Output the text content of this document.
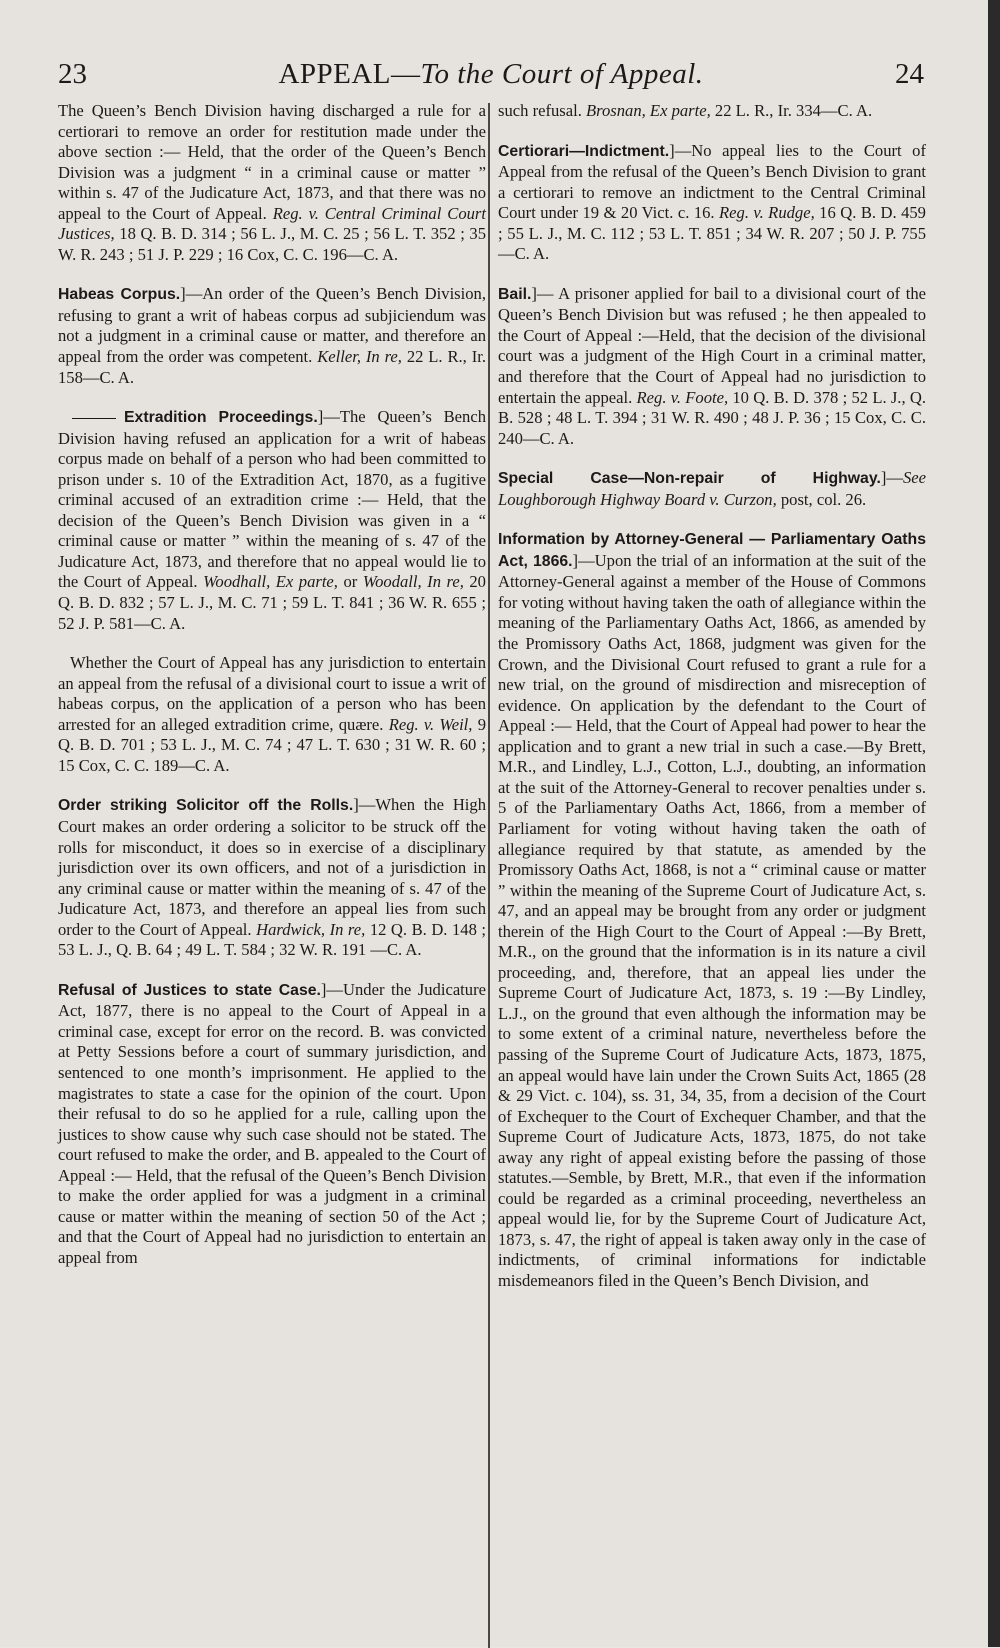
23	APPEAL—To the Court of Appeal.	24

The Queen’s Bench Division having discharged a rule for a certiorari to remove an order for restitution made under the above section :— Held, that the order of the Queen’s Bench Division was a judgment “ in a criminal cause or matter ” within s. 47 of the Judicature Act, 1873, and that there was no appeal to the Court of Appeal. Reg. v. Central Criminal Court Justices, 18 Q. B. D. 314 ; 56 L. J., M. C. 25 ; 56 L. T. 352 ; 35 W. R. 243 ; 51 J. P. 229 ; 16 Cox, C. C. 196—C. A.

Habeas Corpus.]—An order of the Queen’s Bench Division, refusing to grant a writ of habeas corpus ad subjiciendum was not a judgment in a criminal cause or matter, and therefore an appeal from the order was competent. Keller, In re, 22 L. R., Ir. 158—C. A.

Extradition Proceedings.]—The Queen’s Bench Division having refused an application for a writ of habeas corpus made on behalf of a person who had been committed to prison under s. 10 of the Extradition Act, 1870, as a fugitive criminal accused of an extradition crime :— Held, that the decision of the Queen’s Bench Division was given in a “ criminal cause or matter ” within the meaning of s. 47 of the Judicature Act, 1873, and therefore that no appeal would lie to the Court of Appeal. Woodhall, Ex parte, or Woodall, In re, 20 Q. B. D. 832 ; 57 L. J., M. C. 71 ; 59 L. T. 841 ; 36 W. R. 655 ; 52 J. P. 581—C. A.

Whether the Court of Appeal has any jurisdiction to entertain an appeal from the refusal of a divisional court to issue a writ of habeas corpus, on the application of a person who has been arrested for an alleged extradition crime, quære. Reg. v. Weil, 9 Q. B. D. 701 ; 53 L. J., M. C. 74 ; 47 L. T. 630 ; 31 W. R. 60 ; 15 Cox, C. C. 189—C. A.

Order striking Solicitor off the Rolls.]—When the High Court makes an order ordering a solicitor to be struck off the rolls for misconduct, it does so in exercise of a disciplinary jurisdiction over its own officers, and not of a jurisdiction in any criminal cause or matter within the meaning of s. 47 of the Judicature Act, 1873, and therefore an appeal lies from such order to the Court of Appeal. Hardwick, In re, 12 Q. B. D. 148 ; 53 L. J., Q. B. 64 ; 49 L. T. 584 ; 32 W. R. 191 —C. A.

Refusal of Justices to state Case.]—Under the Judicature Act, 1877, there is no appeal to the Court of Appeal in a criminal case, except for error on the record. B. was convicted at Petty Sessions before a court of summary jurisdiction, and sentenced to one month’s imprisonment. He applied to the magistrates to state a case for the opinion of the court. Upon their refusal to do so he applied for a rule, calling upon the justices to show cause why such case should not be stated. The court refused to make the order, and B. appealed to the Court of Appeal :— Held, that the refusal of the Queen’s Bench Division to make the order applied for was a judgment in a criminal cause or matter within the meaning of section 50 of the Act ; and that the Court of Appeal had no jurisdiction to entertain an appeal from

such refusal. Brosnan, Ex parte, 22 L. R., Ir. 334—C. A.

Certiorari—Indictment.]—No appeal lies to the Court of Appeal from the refusal of the Queen’s Bench Division to grant a certiorari to remove an indictment to the Central Criminal Court under 19 & 20 Vict. c. 16. Reg. v. Rudge, 16 Q. B. D. 459 ; 55 L. J., M. C. 112 ; 53 L. T. 851 ; 34 W. R. 207 ; 50 J. P. 755 —C. A.

Bail.]— A prisoner applied for bail to a divisional court of the Queen’s Bench Division but was refused ; he then appealed to the Court of Appeal :—Held, that the decision of the divisional court was a judgment of the High Court in a criminal matter, and therefore that the Court of Appeal had no jurisdiction to entertain the appeal. Reg. v. Foote, 10 Q. B. D. 378 ; 52 L. J., Q. B. 528 ; 48 L. T. 394 ; 31 W. R. 490 ; 48 J. P. 36 ; 15 Cox, C. C. 240—C. A.

Special Case—Non-repair of Highway.]—See Loughborough Highway Board v. Curzon, post, col. 26.

Information by Attorney-General — Parliamentary Oaths Act, 1866.]—Upon the trial of an information at the suit of the Attorney-General against a member of the House of Commons for voting without having taken the oath of allegiance within the meaning of the Parliamentary Oaths Act, 1866, as amended by the Promissory Oaths Act, 1868, judgment was given for the Crown, and the Divisional Court refused to grant a rule for a new trial, on the ground of misdirection and misreception of evidence. On application by the defendant to the Court of Appeal :— Held, that the Court of Appeal had power to hear the application and to grant a new trial in such a case.—By Brett, M.R., and Lindley, L.J., Cotton, L.J., doubting, an information at the suit of the Attorney-General to recover penalties under s. 5 of the Parliamentary Oaths Act, 1866, from a member of Parliament for voting without having taken the oath of allegiance required by that statute, as amended by the Promissory Oaths Act, 1868, is not a “ criminal cause or matter ” within the meaning of the Supreme Court of Judicature Act, s. 47, and an appeal may be brought from any order or judgment therein of the High Court to the Court of Appeal :—By Brett, M.R., on the ground that the information is in its nature a civil proceeding, and, therefore, that an appeal lies under the Supreme Court of Judicature Act, 1873, s. 19 :—By Lindley, L.J., on the ground that even although the information may be to some extent of a criminal nature, nevertheless before the passing of the Supreme Court of Judicature Acts, 1873, 1875, an appeal would have lain under the Crown Suits Act, 1865 (28 & 29 Vict. c. 104), ss. 31, 34, 35, from a decision of the Court of Exchequer to the Court of Exchequer Chamber, and that the Supreme Court of Judicature Acts, 1873, 1875, do not take away any right of appeal existing before the passing of those statutes.—Semble, by Brett, M.R., that even if the information could be regarded as a criminal proceeding, nevertheless an appeal would lie, for by the Supreme Court of Judicature Act, 1873, s. 47, the right of appeal is taken away only in the case of indictments, of criminal informations for indictable misdemeanors filed in the Queen’s Bench Division, and
